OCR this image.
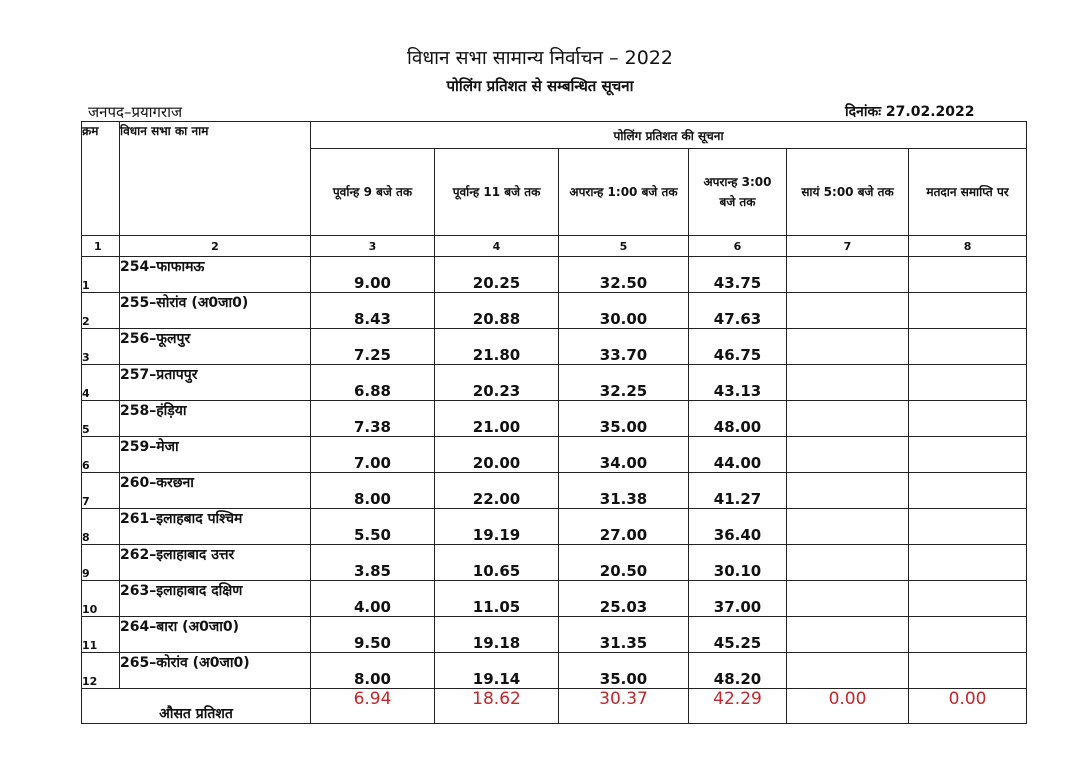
विधान सभा सामान्य निर्वाचन – 2022
पोलिंग प्रतिशत से सम्बन्धित सूचना
जनपद–प्रयागराज	दिनांकः 27.02.2022
क्रम	विधान सभा का नाम	पोलिंग प्रतिशत की सूचना					
		पूर्वान्ह 9 बजे तक	पूर्वान्ह 11 बजे तक	अपरान्ह 1:00 बजे तक	अपरान्ह 3:00 बजे तक	सायं 5:00 बजे तक	मतदान समाप्ति पर
1	2	3	4	5	6	7	8
1	254–फाफामऊ	9.00	20.25	32.50	43.75		
2	255–सोरांव (अ0जा0)	8.43	20.88	30.00	47.63		
3	256–फूलपुर	7.25	21.80	33.70	46.75		
4	257–प्रतापपुर	6.88	20.23	32.25	43.13		
5	258–हंड़िया	7.38	21.00	35.00	48.00		
6	259–मेजा	7.00	20.00	34.00	44.00		
7	260–करछना	8.00	22.00	31.38	41.27		
8	261–इलाहबाद पश्चिम	5.50	19.19	27.00	36.40		
9	262–इलाहाबाद उत्तर	3.85	10.65	20.50	30.10		
10	263–इलाहाबाद दक्षिण	4.00	11.05	25.03	37.00		
11	264–बारा (अ0जा0)	9.50	19.18	31.35	45.25		
12	265–कोरांव (अ0जा0)	8.00	19.14	35.00	48.20		
औसत प्रतिशत		6.94	18.62	30.37	42.29	0.00	0.00
